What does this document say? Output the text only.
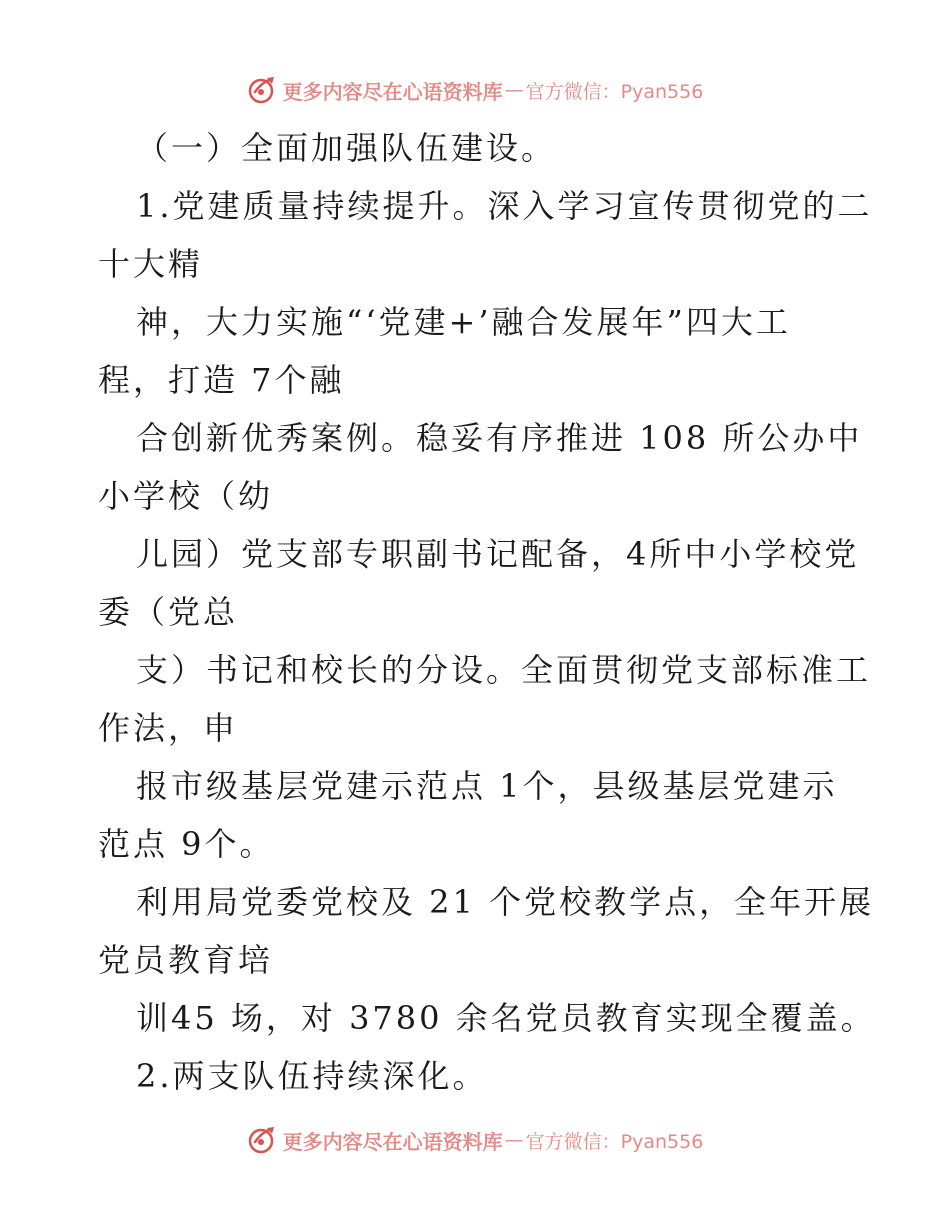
更多内容尽在心语资料库 — 官方微信：Pyan556
（一）全面加强队伍建设。
1.党建质量持续提升。深入学习宣传贯彻党的二
十大精
神，大力实施“‘党建+’融合发展年”四大工
程，打造 7个融
合创新优秀案例。稳妥有序推进 108 所公办中
小学校（幼
儿园）党支部专职副书记配备，4所中小学校党
委（党总
支）书记和校长的分设。全面贯彻党支部标准工
作法，申
报市级基层党建示范点 1个，县级基层党建示
范点 9个。
利用局党委党校及 21 个党校教学点，全年开展
党员教育培
训45 场，对 3780 余名党员教育实现全覆盖。
2.两支队伍持续深化。
更多内容尽在心语资料库 — 官方微信：Pyan556
